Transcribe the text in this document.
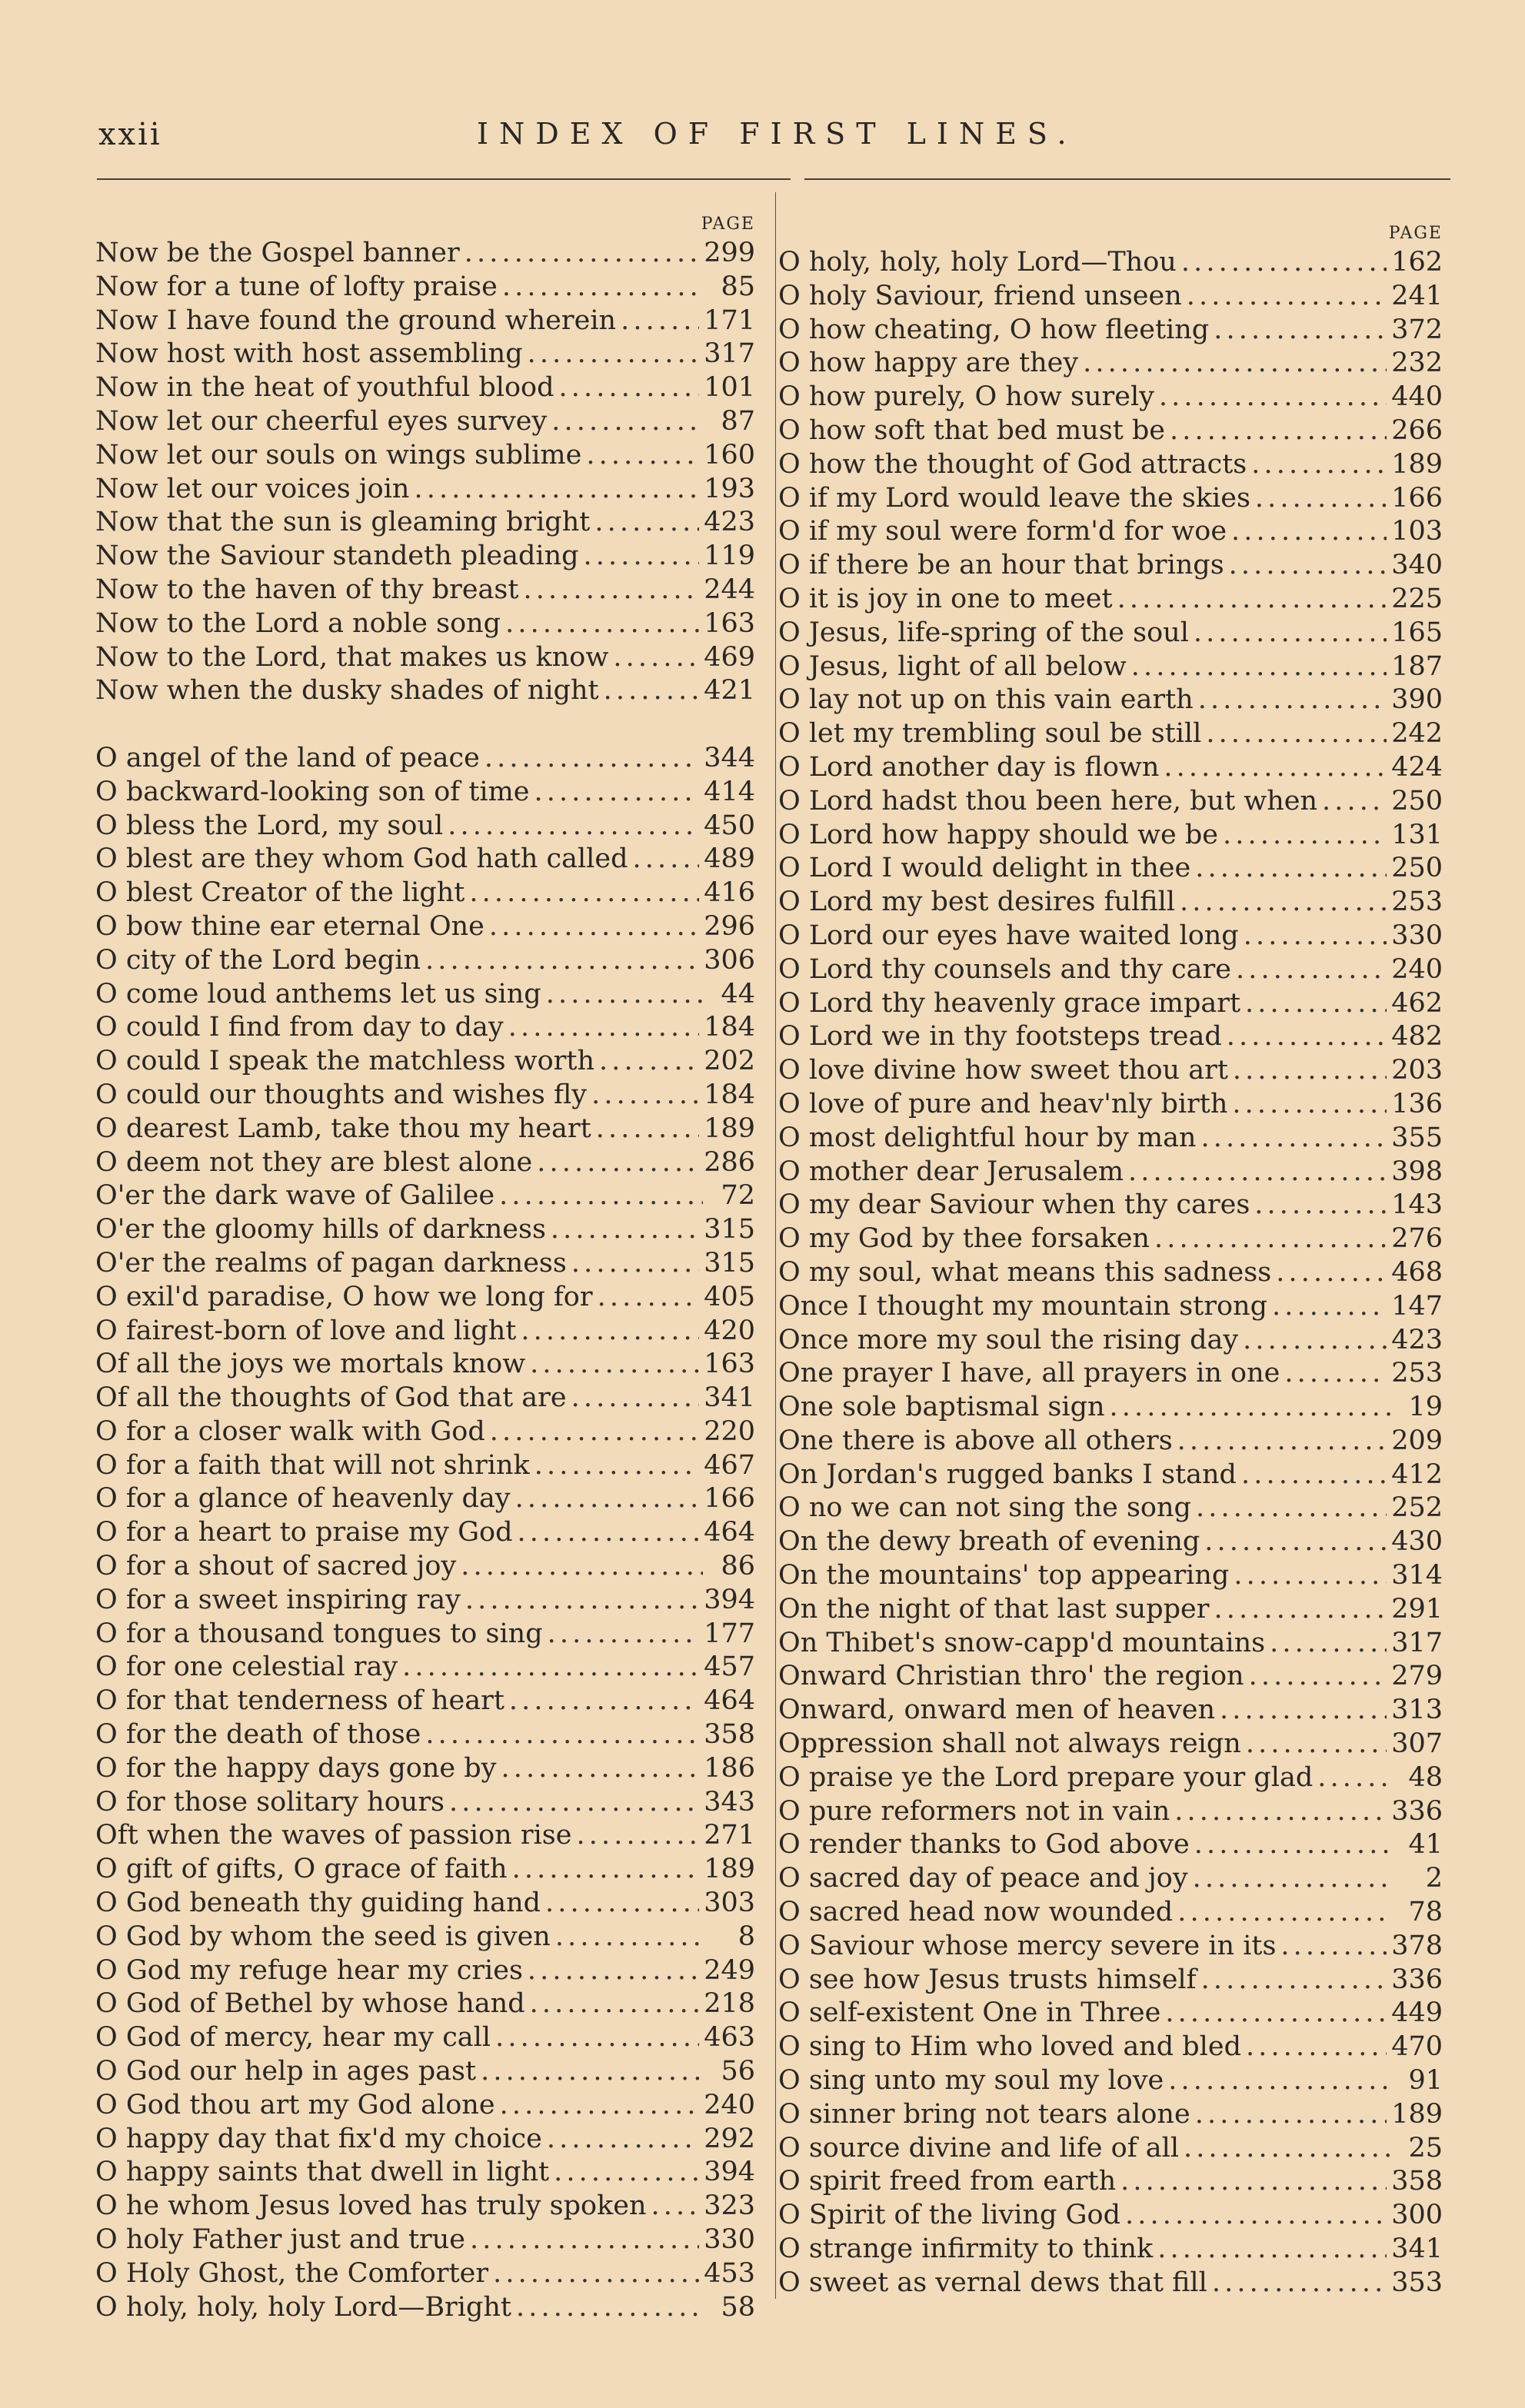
xxii	INDEX OF FIRST LINES.
PAGE
Now be the Gospel banner . . .	299
Now for a tune of lofty praise . . .	85
Now I have found the ground wherein . . .	171
Now host with host assembling . . .	317
Now in the heat of youthful blood . . .	101
Now let our cheerful eyes survey . . .	87
Now let our souls on wings sublime . . .	160
Now let our voices join . . .	193
Now that the sun is gleaming bright . . .	423
Now the Saviour standeth pleading . . .	119
Now to the haven of thy breast . . .	244
Now to the Lord a noble song . . .	163
Now to the Lord, that makes us know . . .	469
Now when the dusky shades of night . . .	421
O angel of the land of peace . . .	344
O backward-looking son of time . . .	414
O bless the Lord, my soul . . .	450
O blest are they whom God hath called . . .	489
O blest Creator of the light . . .	416
O bow thine ear eternal One . . .	296
O city of the Lord begin . . .	306
O come loud anthems let us sing . . .	44
O could I find from day to day . . .	184
O could I speak the matchless worth . . .	202
O could our thoughts and wishes fly . . .	184
O dearest Lamb, take thou my heart . . .	189
O deem not they are blest alone . . .	286
O'er the dark wave of Galilee . . .	72
O'er the gloomy hills of darkness . . .	315
O'er the realms of pagan darkness . . .	315
O exil'd paradise, O how we long for . . .	405
O fairest-born of love and light . . .	420
Of all the joys we mortals know . . .	163
Of all the thoughts of God that are . . .	341
O for a closer walk with God . . .	220
O for a faith that will not shrink . . .	467
O for a glance of heavenly day . . .	166
O for a heart to praise my God . . .	464
O for a shout of sacred joy . . .	86
O for a sweet inspiring ray . . .	394
O for a thousand tongues to sing . . .	177
O for one celestial ray . . .	457
O for that tenderness of heart . . .	464
O for the death of those . . .	358
O for the happy days gone by . . .	186
O for those solitary hours . . .	343
Oft when the waves of passion rise . . .	271
O gift of gifts, O grace of faith . . .	189
O God beneath thy guiding hand . . .	303
O God by whom the seed is given . . .	8
O God my refuge hear my cries . . .	249
O God of Bethel by whose hand . . .	218
O God of mercy, hear my call . . .	463
O God our help in ages past . . .	56
O God thou art my God alone . . .	240
O happy day that fix'd my choice . . .	292
O happy saints that dwell in light . . .	394
O he whom Jesus loved has truly spoken . . . 323
O holy Father just and true . . .	330
O Holy Ghost, the Comforter . . .	453
O holy, holy, holy Lord—Bright . . .	58
PAGE
O holy, holy, holy Lord—Thou . . .	162
O holy Saviour, friend unseen . . .	241
O how cheating, O how fleeting . . .	372
O how happy are they . . .	232
O how purely, O how surely . . .	440
O how soft that bed must be . . .	266
O how the thought of God attracts . . .	189
O if my Lord would leave the skies . . .	166
O if my soul were form'd for woe . . .	103
O if there be an hour that brings . . .	340
O it is joy in one to meet . . .	225
O Jesus, life-spring of the soul . . .	165
O Jesus, light of all below . . .	187
O lay not up on this vain earth . . .	390
O let my trembling soul be still . . .	242
O Lord another day is flown . . .	424
O Lord hadst thou been here, but when . . .	250
O Lord how happy should we be . . .	131
O Lord I would delight in thee . . .	250
O Lord my best desires fulfill . . .	253
O Lord our eyes have waited long . . .	330
O Lord thy counsels and thy care . . .	240
O Lord thy heavenly grace impart . . .	462
O Lord we in thy footsteps tread . . .	482
O love divine how sweet thou art . . .	203
O love of pure and heav'nly birth . . .	136
O most delightful hour by man . . .	355
O mother dear Jerusalem . . .	398
O my dear Saviour when thy cares . . .	143
O my God by thee forsaken . . .	276
O my soul, what means this sadness . . .	468
Once I thought my mountain strong . . .	147
Once more my soul the rising day . . .	423
One prayer I have, all prayers in one . . .	253
One sole baptismal sign . . .	19
One there is above all others . . .	209
On Jordan's rugged banks I stand . . .	412
O no we can not sing the song . . .	252
On the dewy breath of evening . . .	430
On the mountains' top appearing . . .	314
On the night of that last supper . . .	291
On Thibet's snow-capp'd mountains . . .	317
Onward Christian thro' the region . . .	279
Onward, onward men of heaven . . .	313
Oppression shall not always reign . . .	307
O praise ye the Lord prepare your glad . . .	48
O pure reformers not in vain . . .	336
O render thanks to God above . . .	41
O sacred day of peace and joy . . .	2
O sacred head now wounded . . .	78
O Saviour whose mercy severe in its . . .	378
O see how Jesus trusts himself . . .	336
O self-existent One in Three . . .	449
O sing to Him who loved and bled . . .	470
O sing unto my soul my love . . .	91
O sinner bring not tears alone . . .	189
O source divine and life of all . . .	25
O spirit freed from earth . . .	358
O Spirit of the living God . . .	300
O strange infirmity to think . . .	341
O sweet as vernal dews that fill . . .	353
